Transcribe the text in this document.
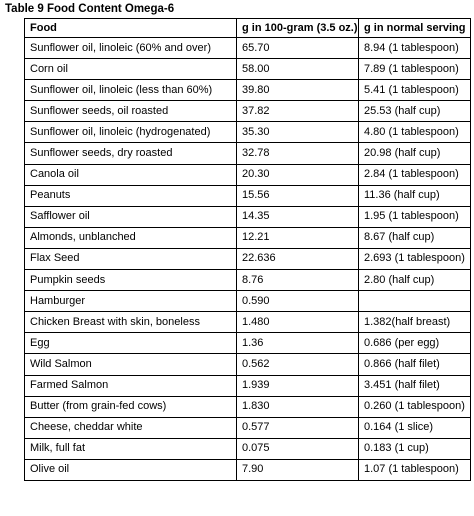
Table 9 Food Content Omega-6
Food	g in 100-gram (3.5 oz.)	g in normal serving
Sunflower oil, linoleic (60% and over)	65.70	8.94 (1 tablespoon)
Corn oil	58.00	7.89 (1 tablespoon)
Sunflower oil, linoleic (less than 60%)	39.80	5.41 (1 tablespoon)
Sunflower seeds, oil roasted	37.82	25.53 (half cup)
Sunflower oil, linoleic (hydrogenated)	35.30	4.80 (1 tablespoon)
Sunflower seeds, dry roasted	32.78	20.98 (half cup)
Canola oil	20.30	2.84 (1 tablespoon)
Peanuts	15.56	11.36 (half cup)
Safflower oil	14.35	1.95 (1 tablespoon)
Almonds, unblanched	12.21	8.67 (half cup)
Flax Seed	22.636	2.693 (1 tablespoon)
Pumpkin seeds	8.76	2.80 (half cup)
Hamburger	0.590	
Chicken Breast with skin, boneless	1.480	1.382(half breast)
Egg	1.36	0.686 (per egg)
Wild Salmon	0.562	0.866 (half filet)
Farmed Salmon	1.939	3.451 (half filet)
Butter (from grain-fed cows)	1.830	0.260 (1 tablespoon)
Cheese, cheddar white	0.577	0.164 (1 slice)
Milk, full fat	0.075	0.183 (1 cup)
Olive oil	7.90	1.07 (1 tablespoon)
